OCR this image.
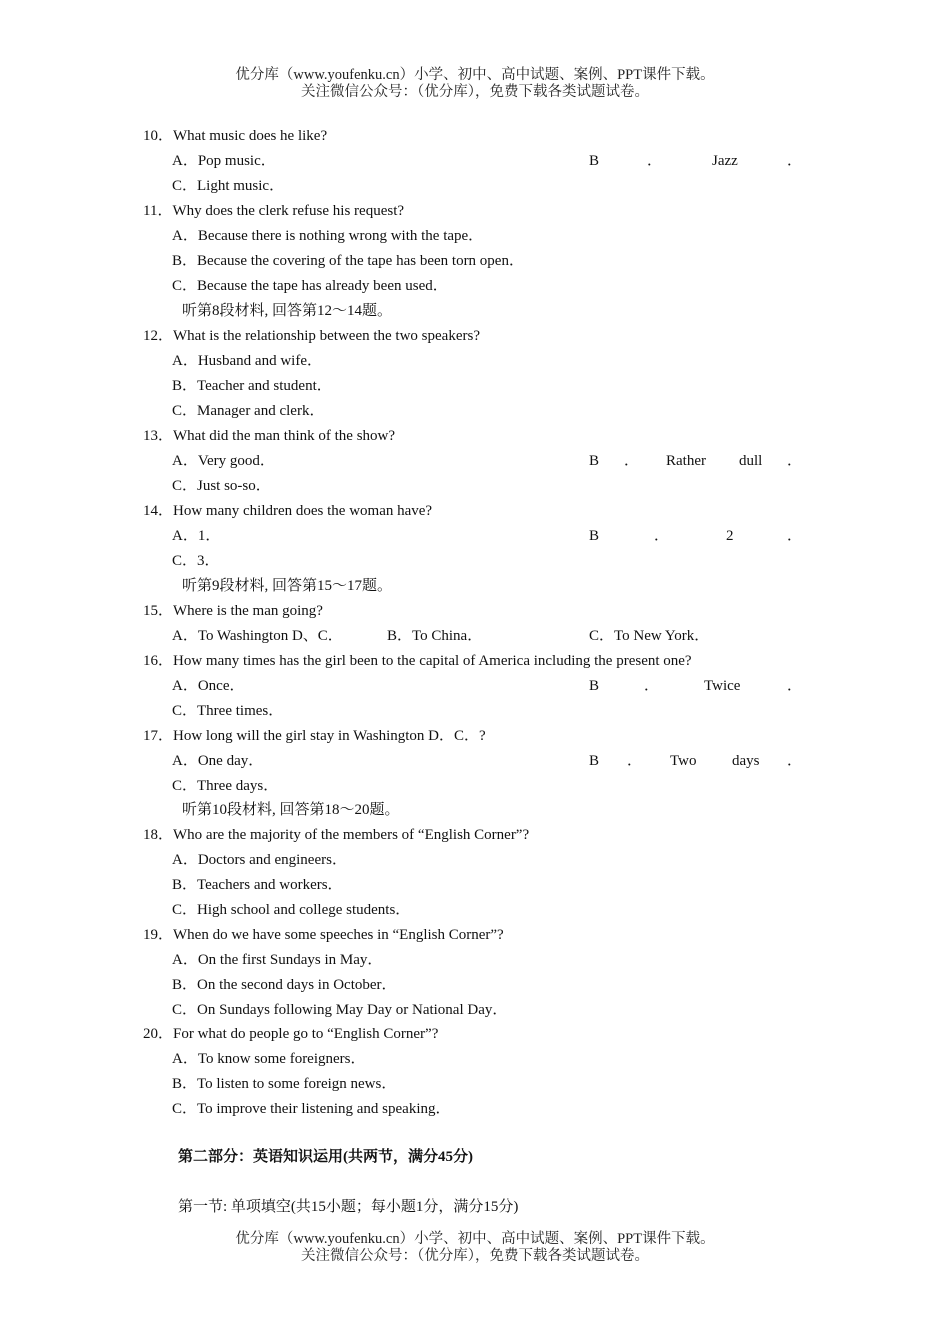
优分库（www.youfenku.cn）小学、初中、高中试题、案例、PPT课件下载。
关注微信公众号：（优分库），免费下载各类试题试卷。
10．What music does he like?
A．Pop music．	B	．	Jazz	．
C．Light music．
11．Why does the clerk refuse his request?
A．Because there is nothing wrong with the tape．
B．Because the covering of the tape has been torn open．
C．Because the tape has already been used．
听第8段材料, 回答第12～14题。
12．What is the relationship between the two speakers?
A．Husband and wife．
B．Teacher and student．
C．Manager and clerk．
13．What did the man think of the show?
A．Very good．	B ． Rather dull ．
C．Just so-so．
14．How many children does the woman have?
A．1．	B	．	2	．
C．3．
听第9段材料, 回答第15～17题。
15．Where is the man going?
A．To Washington D、C．	B．To China．	C．To New York．
16．How many times has the girl been to the capital of America including the present one?
A．Once．	B	．	Twice	．
C．Three times．
17．How long will the girl stay in Washington D．C．?
A．One day．	B ． Two days ．
C．Three days．
听第10段材料, 回答第18～20题。
18．Who are the majority of the members of “English Corner”?
A．Doctors and engineers．
B．Teachers and workers．
C．High school and college students．
19．When do we have some speeches in “English Corner”?
A．On the first Sundays in May．
B．On the second days in October．
C．On Sundays following May Day or National Day．
20．For what do people go to “English Corner”?
A．To know some foreigners．
B．To listen to some foreign news．
C．To improve their listening and speaking．
第二部分：英语知识运用(共两节，满分45分)
第一节: 单项填空(共15小题；每小题1分，满分15分)
优分库（www.youfenku.cn）小学、初中、高中试题、案例、PPT课件下载。
关注微信公众号：（优分库），免费下载各类试题试卷。
